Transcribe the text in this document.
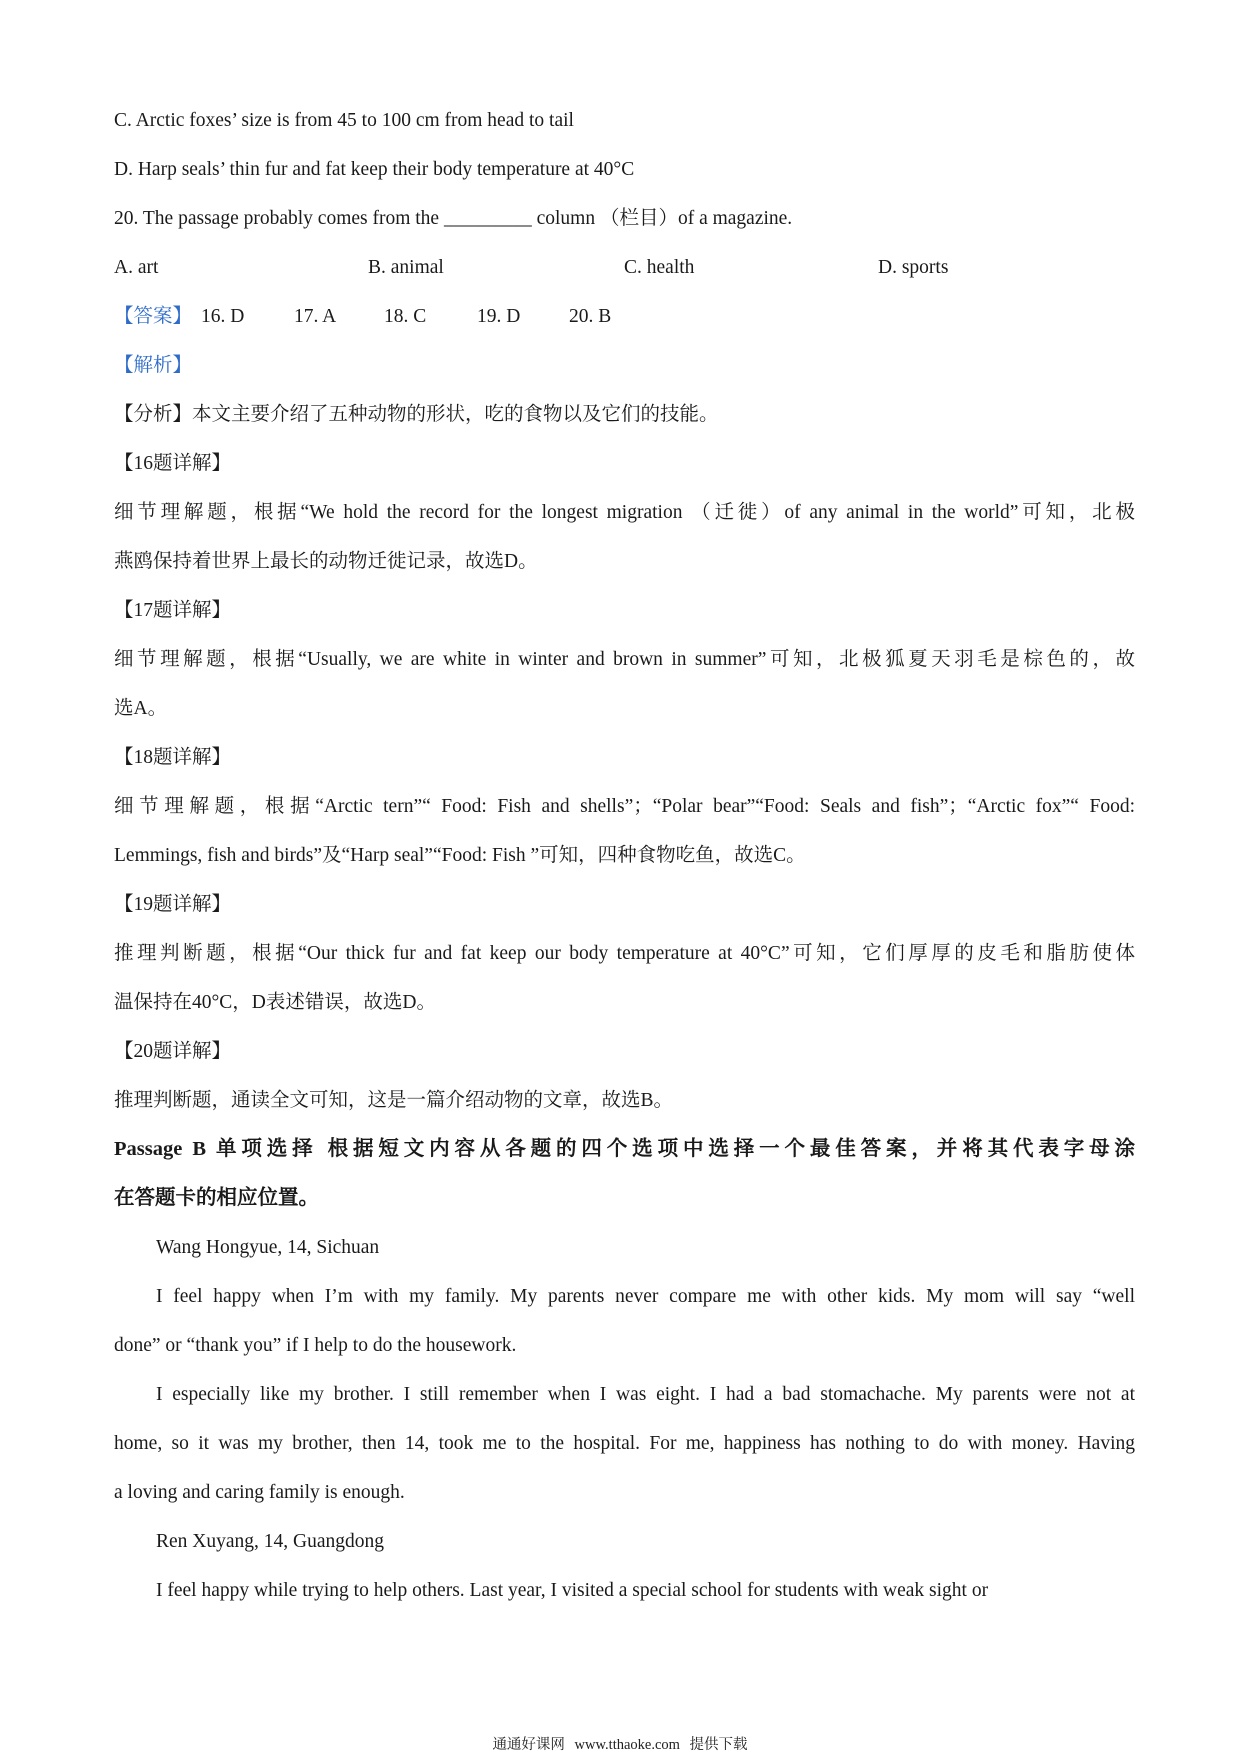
C. Arctic foxes’ size is from 45 to 100 cm from head to tail
D. Harp seals’ thin fur and fat keep their body temperature at 40°C
20. The passage probably comes from the _________ column （栏目）of a magazine.
A. art	B. animal	C. health	D. sports
【答案】 16. D	17. A 18. C	19. D 20. B
【解析】
【分析】本文主要介绍了五种动物的形状，吃的食物以及它们的技能。
【16题详解】
细节理解题，根据“We hold the record for the longest migration （迁徙）of any animal in the world”可知，北极
燕鸥保持着世界上最长的动物迁徙记录，故选D。
【17题详解】
细节理解题，根据“Usually, we are white in winter and brown in summer”可知，北极狐夏天羽毛是棕色的，故
选A。
【18题详解】
细节理解题，根据“Arctic tern”“ Food: Fish and shells”；“Polar bear”“Food: Seals and fish”；“Arctic fox”“ Food:
Lemmings, fish and birds”及“Harp seal”“Food: Fish ”可知，四种食物吃鱼，故选C。
【19题详解】
推理判断题，根据“Our thick fur and fat keep our body temperature at 40°C”可知，它们厚厚的皮毛和脂肪使体
温保持在40°C，D表述错误，故选D。
【20题详解】
推理判断题，通读全文可知，这是一篇介绍动物的文章，故选B。
Passage B 单项选择 根据短文内容从各题的四个选项中选择一个最佳答案，并将其代表字母涂
在答题卡的相应位置。
Wang Hongyue, 14, Sichuan
I feel happy when I’m with my family. My parents never compare me with other kids. My mom will say “well
done” or “thank you” if I help to do the housework.
I especially like my brother. I still remember when I was eight. I had a bad stomachache. My parents were not at
home, so it was my brother, then 14, took me to the hospital. For me, happiness has nothing to do with money. Having
a loving and caring family is enough.
Ren Xuyang, 14, Guangdong
I feel happy while trying to help others. Last year, I visited a special school for students with weak sight or
通通好课网 www.tthaoke.com 提供下载
